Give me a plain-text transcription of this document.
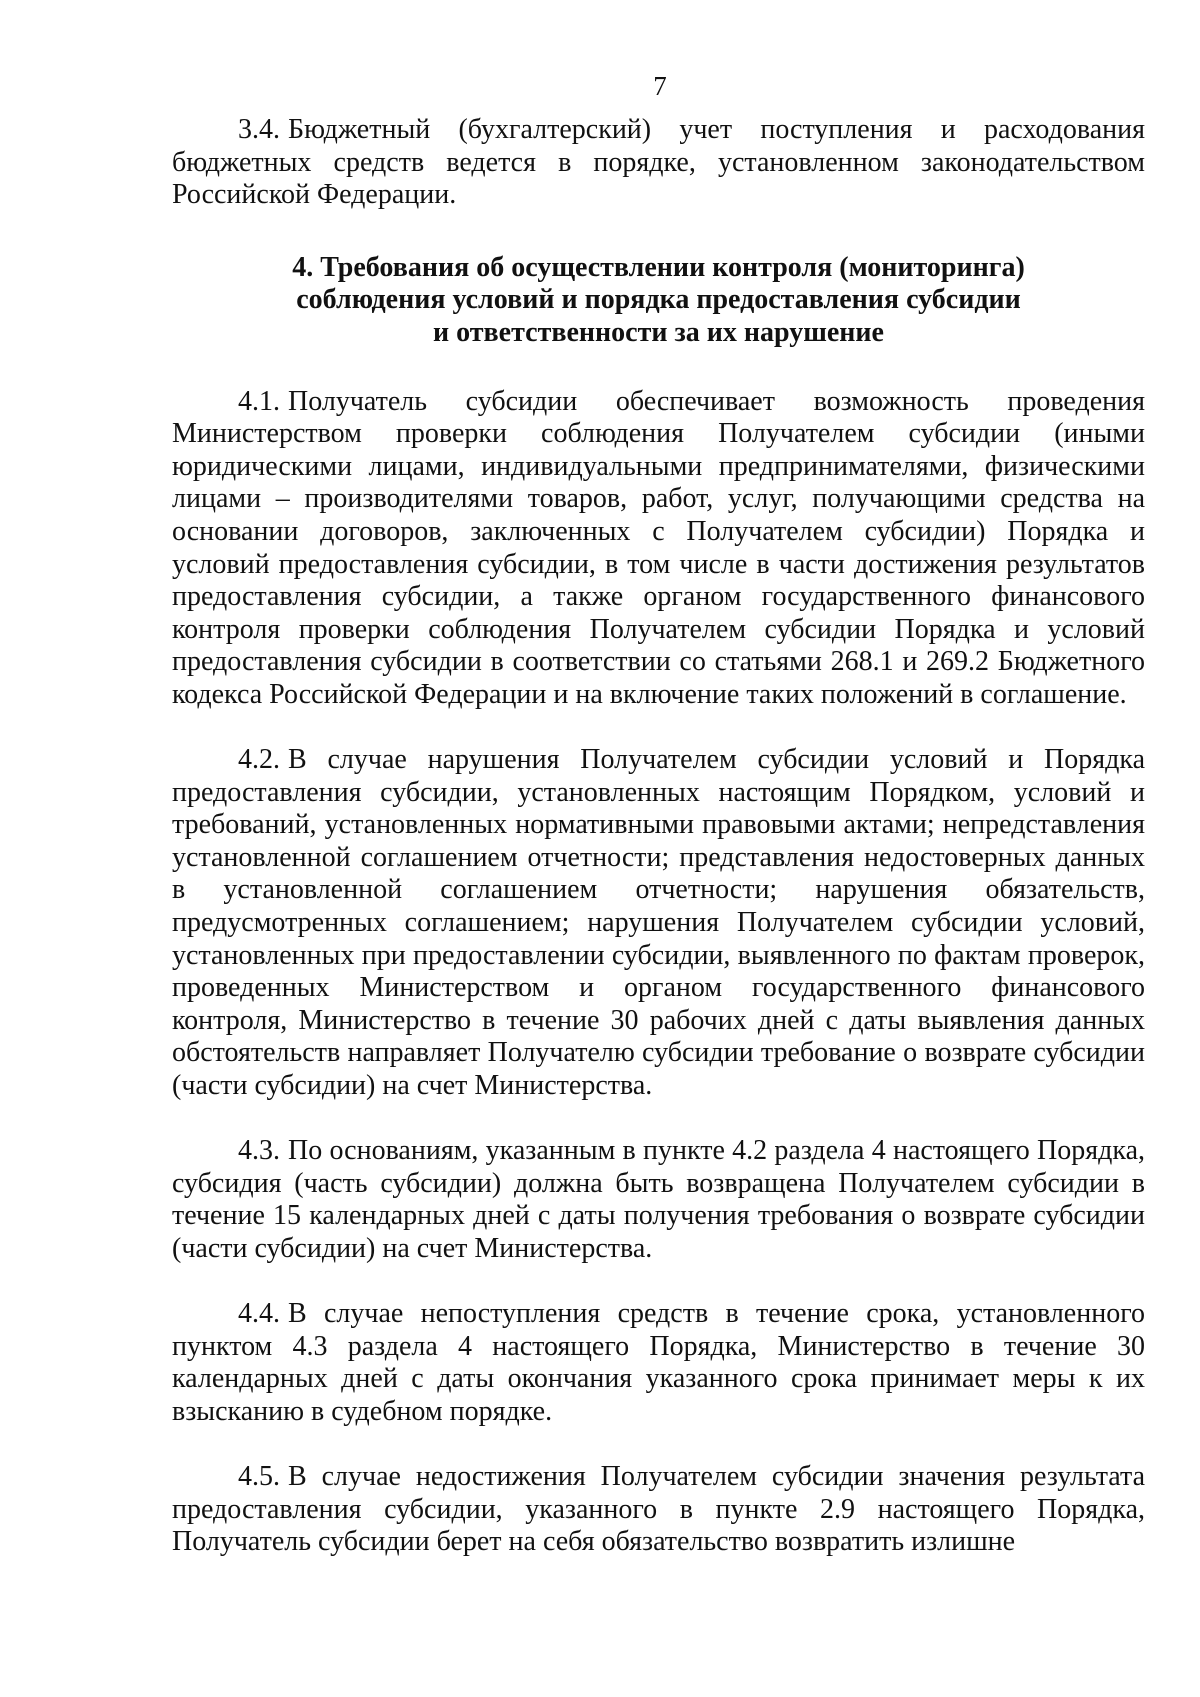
7

3.4. Бюджетный (бухгалтерский) учет поступления и расходования бюджетных средств ведется в порядке, установленном законодательством Российской Федерации.

4. Требования об осуществлении контроля (мониторинга)
соблюдения условий и порядка предоставления субсидии
и ответственности за их нарушение

4.1. Получатель субсидии обеспечивает возможность проведения Министерством проверки соблюдения Получателем субсидии (иными юридическими лицами, индивидуальными предпринимателями, физическими лицами – производителями товаров, работ, услуг, получающими средства на основании договоров, заключенных с Получателем субсидии) Порядка и условий предоставления субсидии, в том числе в части достижения результатов предоставления субсидии, а также органом государственного финансового контроля проверки соблюдения Получателем субсидии Порядка и условий предоставления субсидии в соответствии со статьями 268.1 и 269.2 Бюджетного кодекса Российской Федерации и на включение таких положений в соглашение.

4.2. В случае нарушения Получателем субсидии условий и Порядка предоставления субсидии, установленных настоящим Порядком, условий и требований, установленных нормативными правовыми актами; непредставления установленной соглашением отчетности; представления недостоверных данных в установленной соглашением отчетности; нарушения обязательств, предусмотренных соглашением; нарушения Получателем субсидии условий, установленных при предоставлении субсидии, выявленного по фактам проверок, проведенных Министерством и органом государственного финансового контроля, Министерство в течение 30 рабочих дней с даты выявления данных обстоятельств направляет Получателю субсидии требование о возврате субсидии (части субсидии) на счет Министерства.

4.3. По основаниям, указанным в пункте 4.2 раздела 4 настоящего Порядка, субсидия (часть субсидии) должна быть возвращена Получателем субсидии в течение 15 календарных дней с даты получения требования о возврате субсидии (части субсидии) на счет Министерства.

4.4. В случае непоступления средств в течение срока, установленного пунктом 4.3 раздела 4 настоящего Порядка, Министерство в течение 30 календарных дней с даты окончания указанного срока принимает меры к их взысканию в судебном порядке.

4.5. В случае недостижения Получателем субсидии значения результата предоставления субсидии, указанного в пункте 2.9 настоящего Порядка, Получатель субсидии берет на себя обязательство возвратить излишне
